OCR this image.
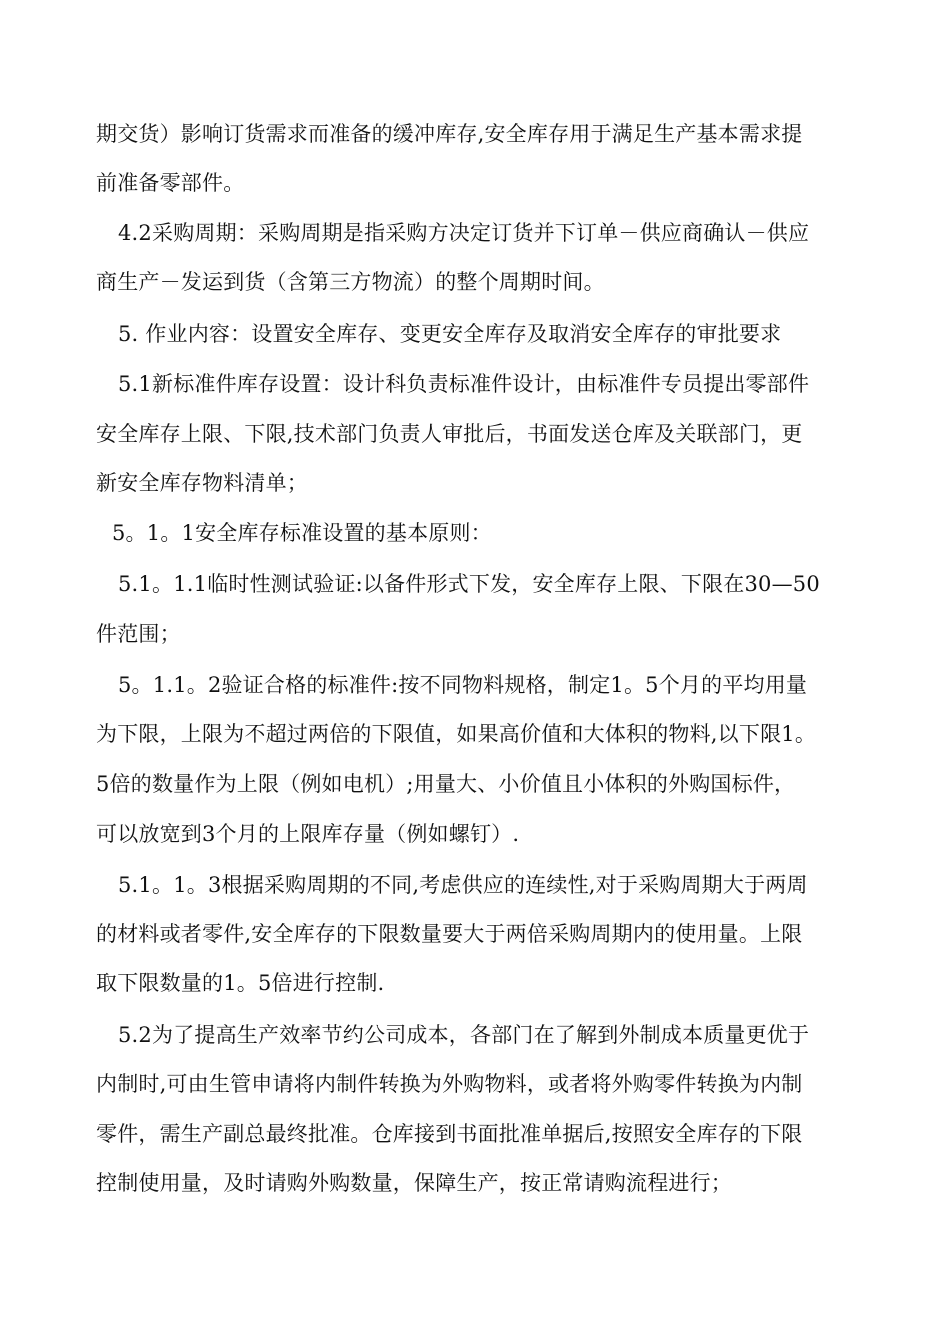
期交货）影响订货需求而准备的缓冲库存,安全库存用于满足生产基本需求提
前准备零部件。
4.2采购周期：采购周期是指采购方决定订货并下订单－供应商确认－供应
商生产－发运到货（含第三方物流）的整个周期时间。
5. 作业内容：设置安全库存、变更安全库存及取消安全库存的审批要求
5.1新标准件库存设置：设计科负责标准件设计，由标准件专员提出零部件
安全库存上限、下限,技术部门负责人审批后，书面发送仓库及关联部门，更
新安全库存物料清单；
5。1。1安全库存标准设置的基本原则：
5.1。1.1临时性测试验证:以备件形式下发，安全库存上限、下限在30—50
件范围；
5。1.1。2验证合格的标准件:按不同物料规格，制定1。5个月的平均用量
为下限，上限为不超过两倍的下限值，如果高价值和大体积的物料,以下限1。
5倍的数量作为上限（例如电机）;用量大、小价值且小体积的外购国标件，
可以放宽到3个月的上限库存量（例如螺钉）.
5.1。1。3根据采购周期的不同,考虑供应的连续性,对于采购周期大于两周
的材料或者零件,安全库存的下限数量要大于两倍采购周期内的使用量。上限
取下限数量的1。5倍进行控制.
5.2为了提高生产效率节约公司成本，各部门在了解到外制成本质量更优于
内制时,可由生管申请将内制件转换为外购物料，或者将外购零件转换为内制
零件，需生产副总最终批准。仓库接到书面批准单据后,按照安全库存的下限
控制使用量，及时请购外购数量，保障生产，按正常请购流程进行；
